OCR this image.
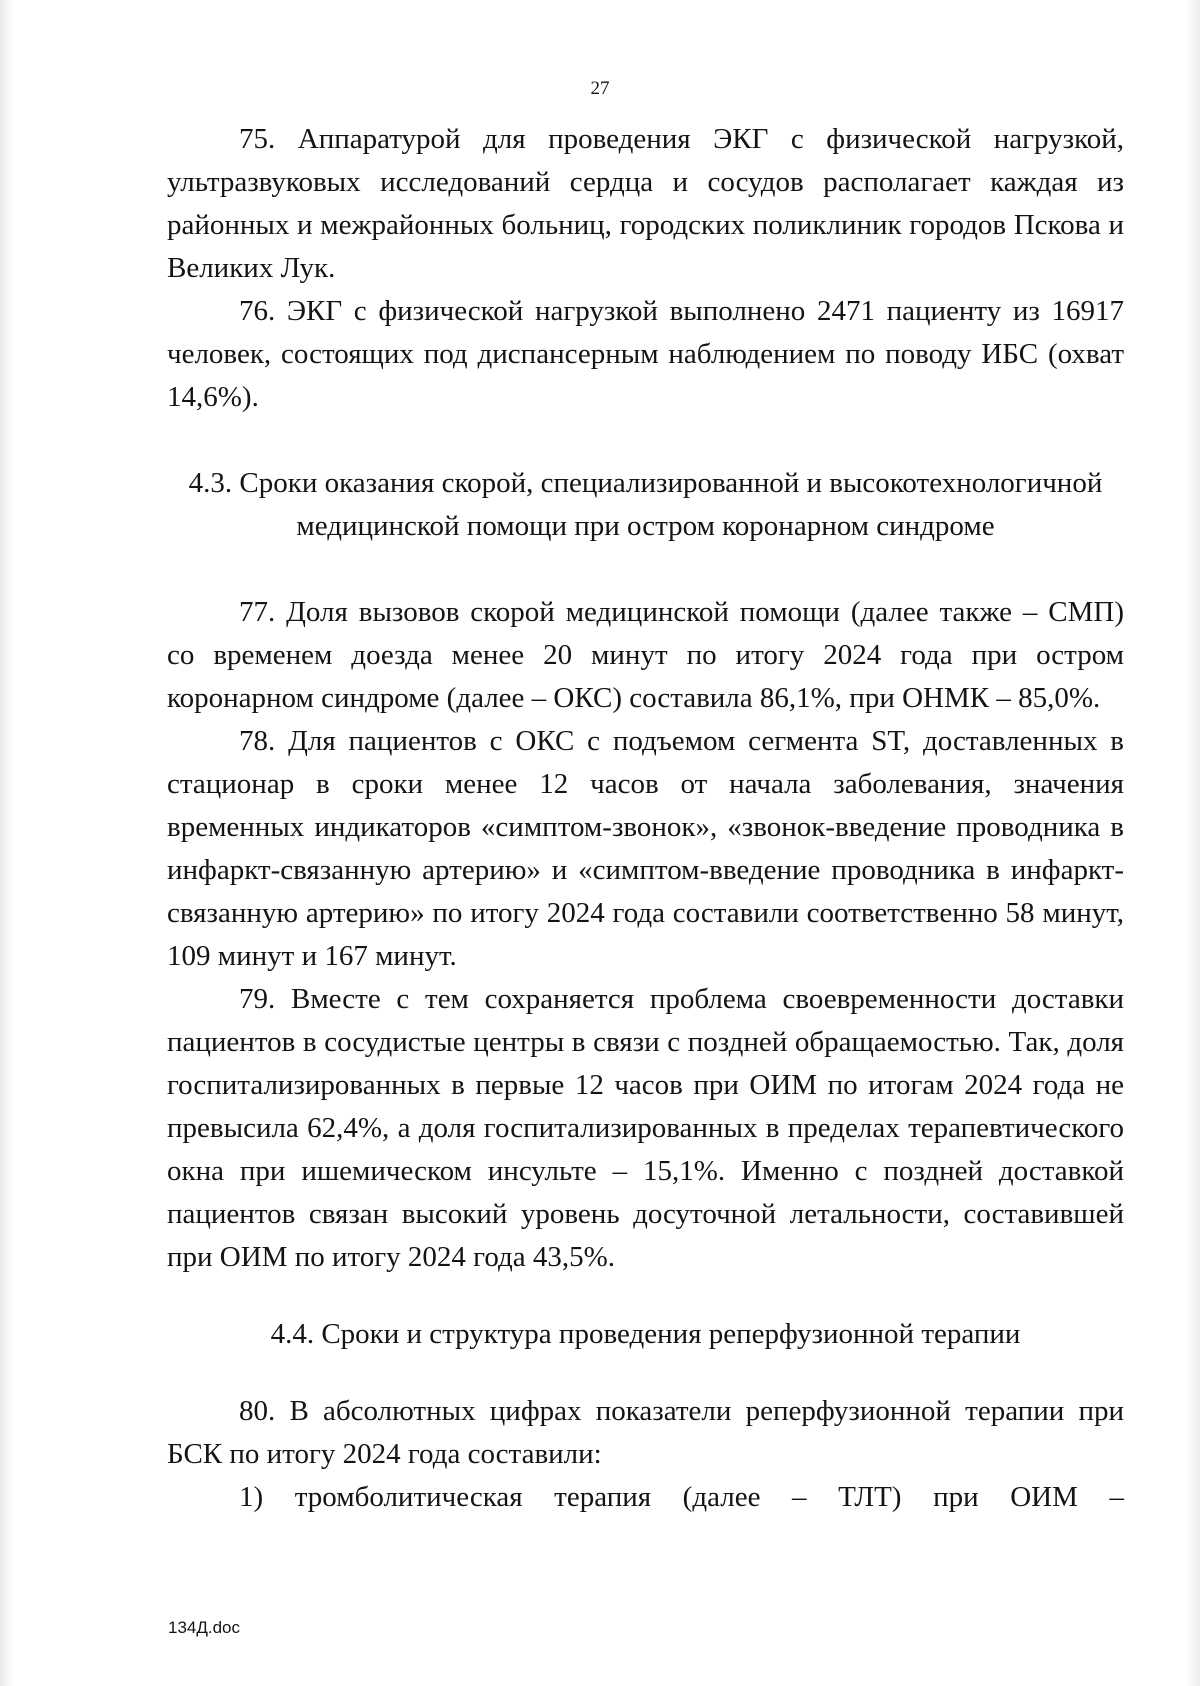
27

75. Аппаратурой для проведения ЭКГ с физической нагрузкой, ультразвуковых исследований сердца и сосудов располагает каждая из районных и межрайонных больниц, городских поликлиник городов Пскова и Великих Лук.

76. ЭКГ с физической нагрузкой выполнено 2471 пациенту из 16917 человек, состоящих под диспансерным наблюдением по поводу ИБС (охват 14,6%).

4.3. Сроки оказания скорой, специализированной и высокотехнологичной

медицинской помощи при остром коронарном синдроме

77. Доля вызовов скорой медицинской помощи (далее также – СМП) со временем доезда менее 20 минут по итогу 2024 года при остром коронарном синдроме (далее – ОКС) составила 86,1%, при ОНМК – 85,0%.

78. Для пациентов с ОКС с подъемом сегмента ST, доставленных в стационар в сроки менее 12 часов от начала заболевания, значения временных индикаторов «симптом-звонок», «звонок-введение проводника в инфаркт-связанную артерию» и «симптом-введение проводника в инфаркт-связанную артерию» по итогу 2024 года составили соответственно 58 минут, 109 минут и 167 минут.

79. Вместе с тем сохраняется проблема своевременности доставки пациентов в сосудистые центры в связи с поздней обращаемостью. Так, доля госпитализированных в первые 12 часов при ОИМ по итогам 2024 года не превысила 62,4%, а доля госпитализированных в пределах терапевтического окна при ишемическом инсульте – 15,1%. Именно с поздней доставкой пациентов связан высокий уровень досуточной летальности, составившей при ОИМ по итогу 2024 года 43,5%.

4.4. Сроки и структура проведения реперфузионной терапии

80. В абсолютных цифрах показатели реперфузионной терапии при БСК по итогу 2024 года составили:

1) тромболитическая терапия (далее – ТЛТ) при ОИМ –

134Д.doc
